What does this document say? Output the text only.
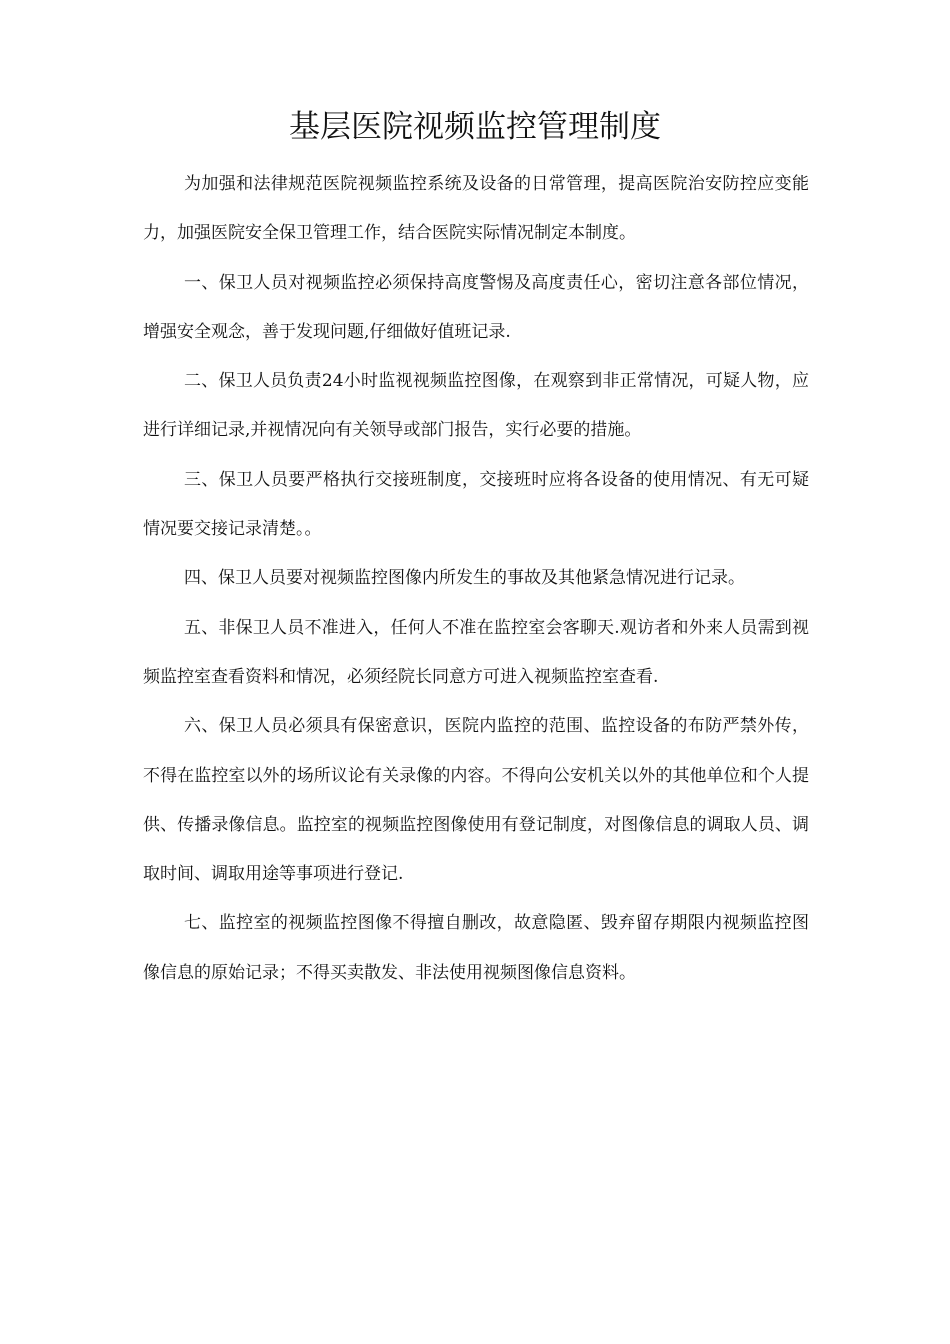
基层医院视频监控管理制度

为加强和法律规范医院视频监控系统及设备的日常管理，提高医院治安防控应变能力，加强医院安全保卫管理工作，结合医院实际情况制定本制度。

一、保卫人员对视频监控必须保持高度警惕及高度责任心，密切注意各部位情况，增强安全观念，善于发现问题,仔细做好值班记录.

二、保卫人员负责24小时监视视频监控图像，在观察到非正常情况，可疑人物，应进行详细记录,并视情况向有关领导或部门报告，实行必要的措施。

三、保卫人员要严格执行交接班制度，交接班时应将各设备的使用情况、有无可疑情况要交接记录清楚。。

四、保卫人员要对视频监控图像内所发生的事故及其他紧急情况进行记录。

五、非保卫人员不准进入，任何人不准在监控室会客聊天.观访者和外来人员需到视频监控室查看资料和情况，必须经院长同意方可进入视频监控室查看.

六、保卫人员必须具有保密意识，医院内监控的范围、监控设备的布防严禁外传，不得在监控室以外的场所议论有关录像的内容。不得向公安机关以外的其他单位和个人提供、传播录像信息。监控室的视频监控图像使用有登记制度，对图像信息的调取人员、调取时间、调取用途等事项进行登记.

七、监控室的视频监控图像不得擅自删改，故意隐匿、毁弃留存期限内视频监控图像信息的原始记录；不得买卖散发、非法使用视频图像信息资料。
